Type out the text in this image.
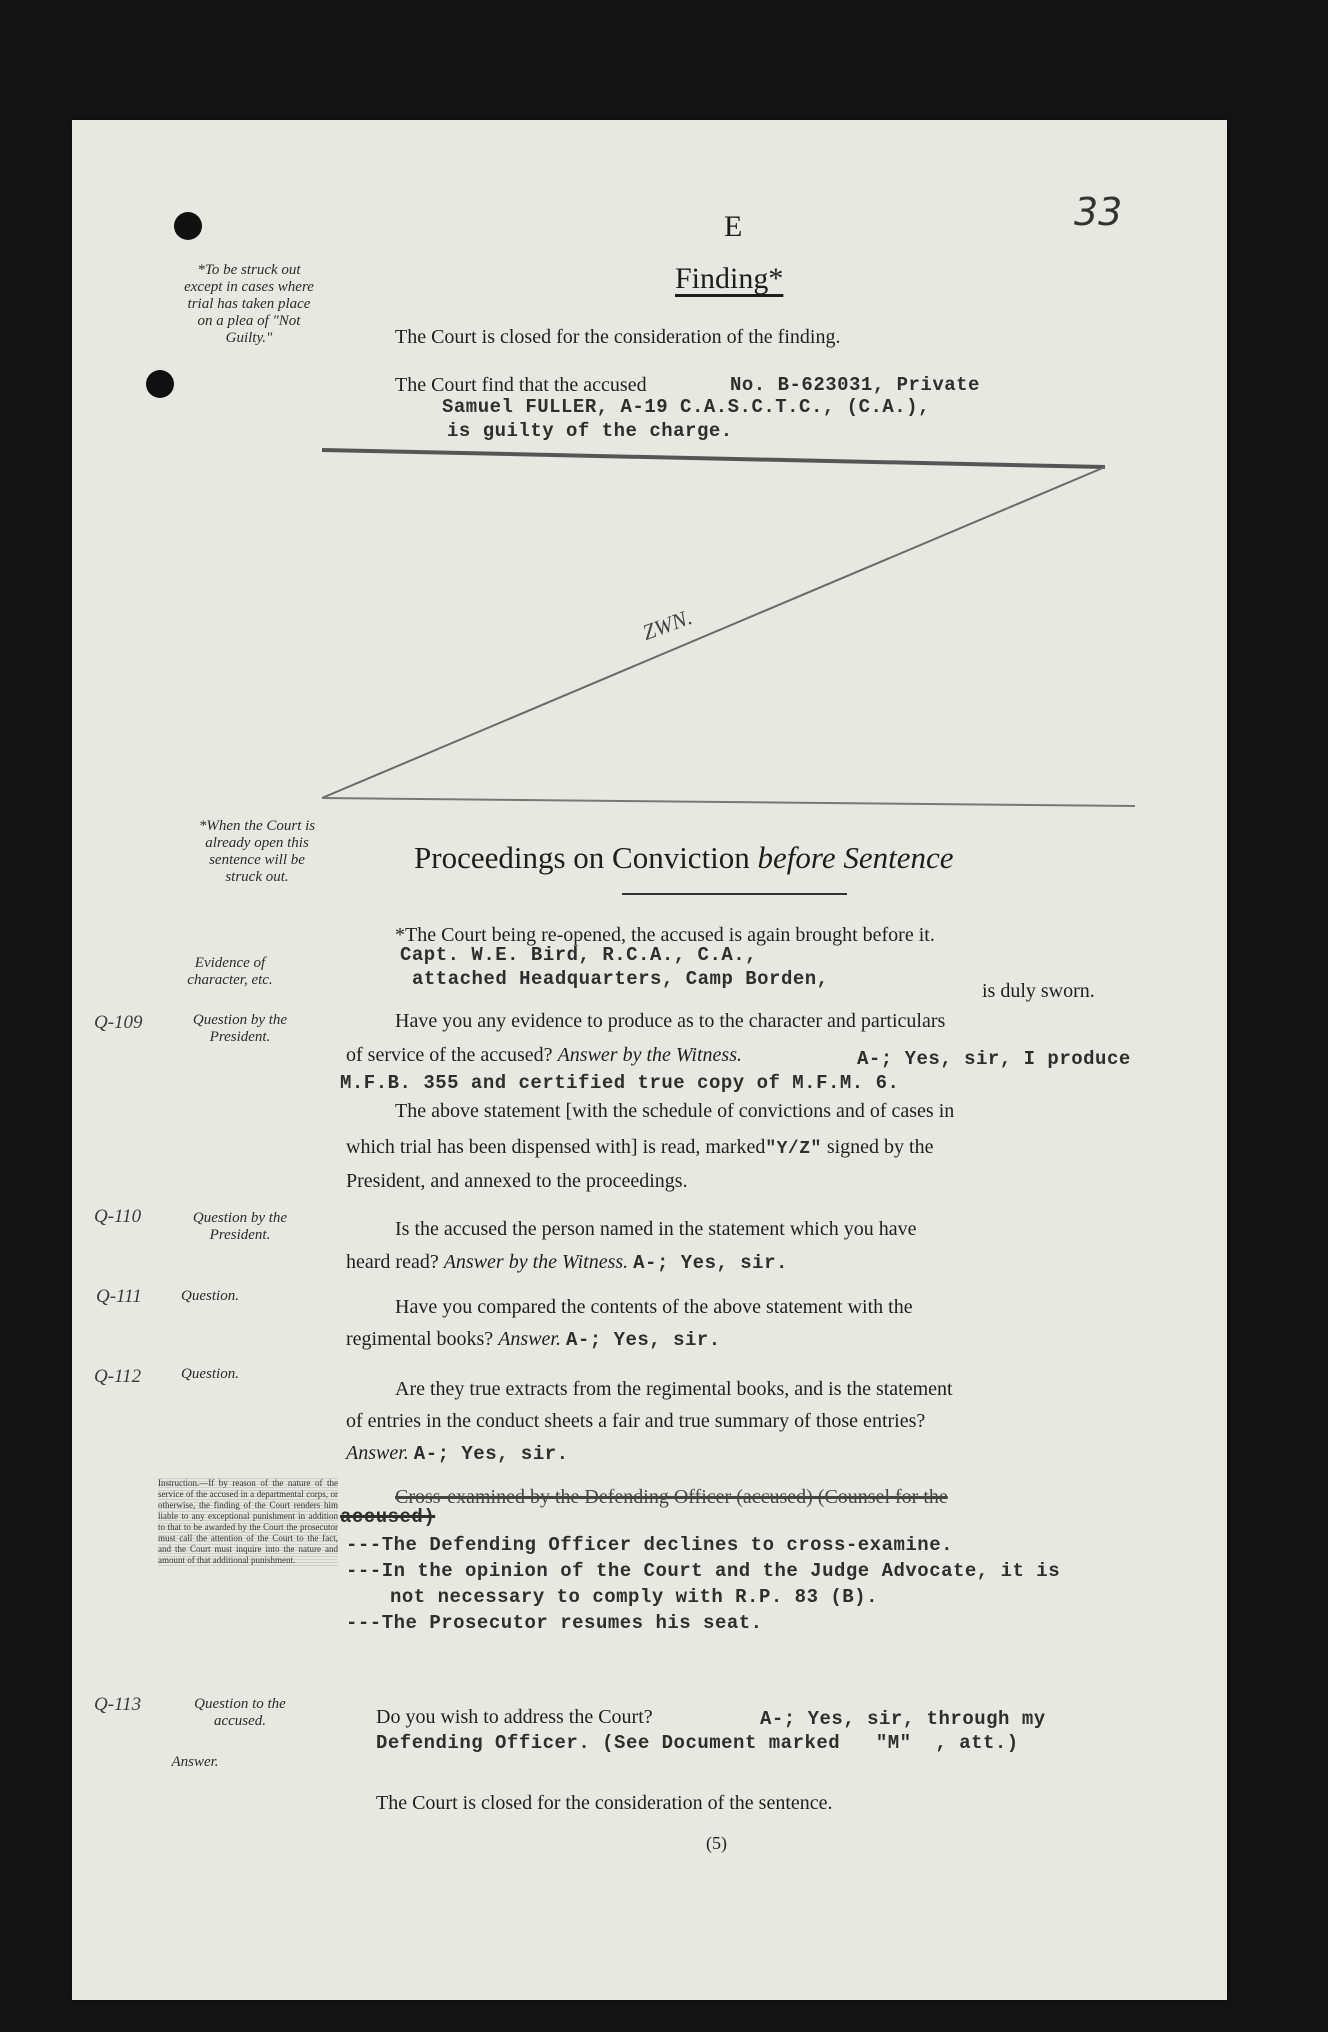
33
E
Finding*
*To be struck out except in cases where trial has taken place on a plea of "Not Guilty."	The Court is closed for the consideration of the finding.
The Court find that the accused	No. B-623031, Private
Samuel FULLER, A-19 C.A.S.C.T.C., (C.A.),
is guilty of the charge.
ZWN.
Proceedings on Conviction before Sentence
*When the Court is already open this sentence will be struck out.
*The Court being re-opened, the accused is again brought before it.
Evidence of character, etc.
Capt. W.E. Bird, R.C.A., C.A.,
attached Headquarters, Camp Borden,
is duly sworn.
Q-109	Question by the President.
Have you any evidence to produce as to the character and particulars
of service of the accused? Answer by the Witness.	A-; Yes, sir, I produce
M.F.B. 355 and certified true copy of M.F.M. 6.
The above statement [with the schedule of convictions and of cases in
which trial has been dispensed with] is read, marked"Y/Z" signed by the
President, and annexed to the proceedings.
Q-110	Question by the President.	Is the accused the person named in the statement which you have
heard read? Answer by the Witness. A-; Yes, sir.
Q-111	Question.	Have you compared the contents of the above statement with the
regimental books? Answer. A-; Yes, sir.
Q-112	Question.
Are they true extracts from the regimental books, and is the statement
of entries in the conduct sheets a fair and true summary of those entries?
Answer. A-; Yes, sir.
Instruction.—If by reason of the nature of the service of the accused in a departmental corps, or otherwise, the finding of the Court renders him liable to any exceptional punishment in addition to that to be awarded by the Court the prosecutor must call the attention of the Court to the fact, and the Court must inquire into the nature and amount of that additional punishment.
Cross-examined by the Defending Officer (accused) (Counsel for the
accused)
---The Defending Officer declines to cross-examine.
---In the opinion of the Court and the Judge Advocate, it is
not necessary to comply with R.P. 83 (B).
---The Prosecutor resumes his seat.
Q-113	Question to the accused.
Answer.
Do you wish to address the Court?	A-; Yes, sir, through my
Defending Officer. (See Document marked   "M"  , att.)
The Court is closed for the consideration of the sentence.
(5)
